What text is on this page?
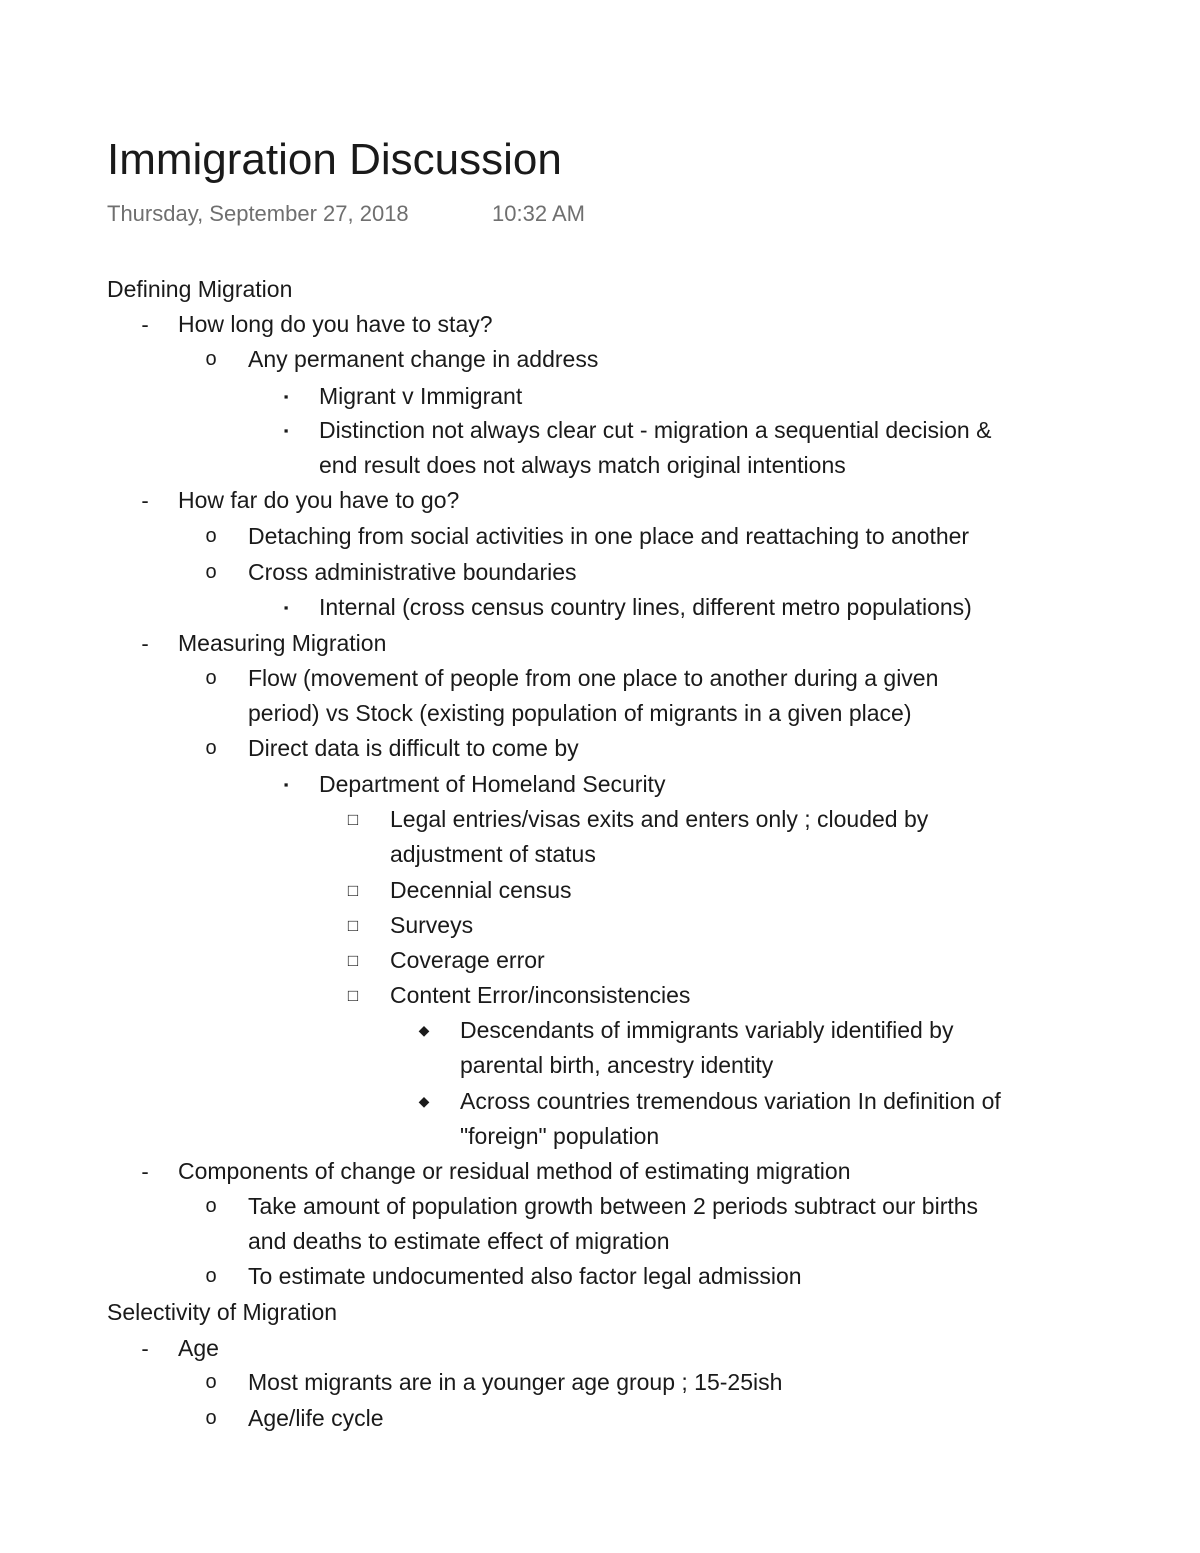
Immigration Discussion
Thursday, September 27, 2018	10:32 AM
Defining Migration
- How long do you have to stay?
o Any permanent change in address
▪	Migrant v Immigrant
▪	Distinction not always clear cut - migration a sequential decision &
end result does not always match original intentions
- How far do you have to go?
o Detaching from social activities in one place and reattaching to another
o Cross administrative boundaries
▪	Internal (cross census country lines, different metro populations)
- Measuring Migration
o Flow (movement of people from one place to another during a given
period) vs Stock (existing population of migrants in a given place)
o Direct data is difficult to come by
▪	Department of Homeland Security
□ Legal entries/visas exits and enters only ; clouded by
adjustment of status
□ Decennial census
□ Surveys
□ Coverage error
□ Content Error/inconsistencies
◆ Descendants of immigrants variably identified by
parental birth, ancestry identity
◆ Across countries tremendous variation In definition of
"foreign" population
- Components of change or residual method of estimating migration
o Take amount of population growth between 2 periods subtract our births
and deaths to estimate effect of migration
o To estimate undocumented also factor legal admission
Selectivity of Migration
- Age
o Most migrants are in a younger age group ; 15-25ish
o Age/life cycle
